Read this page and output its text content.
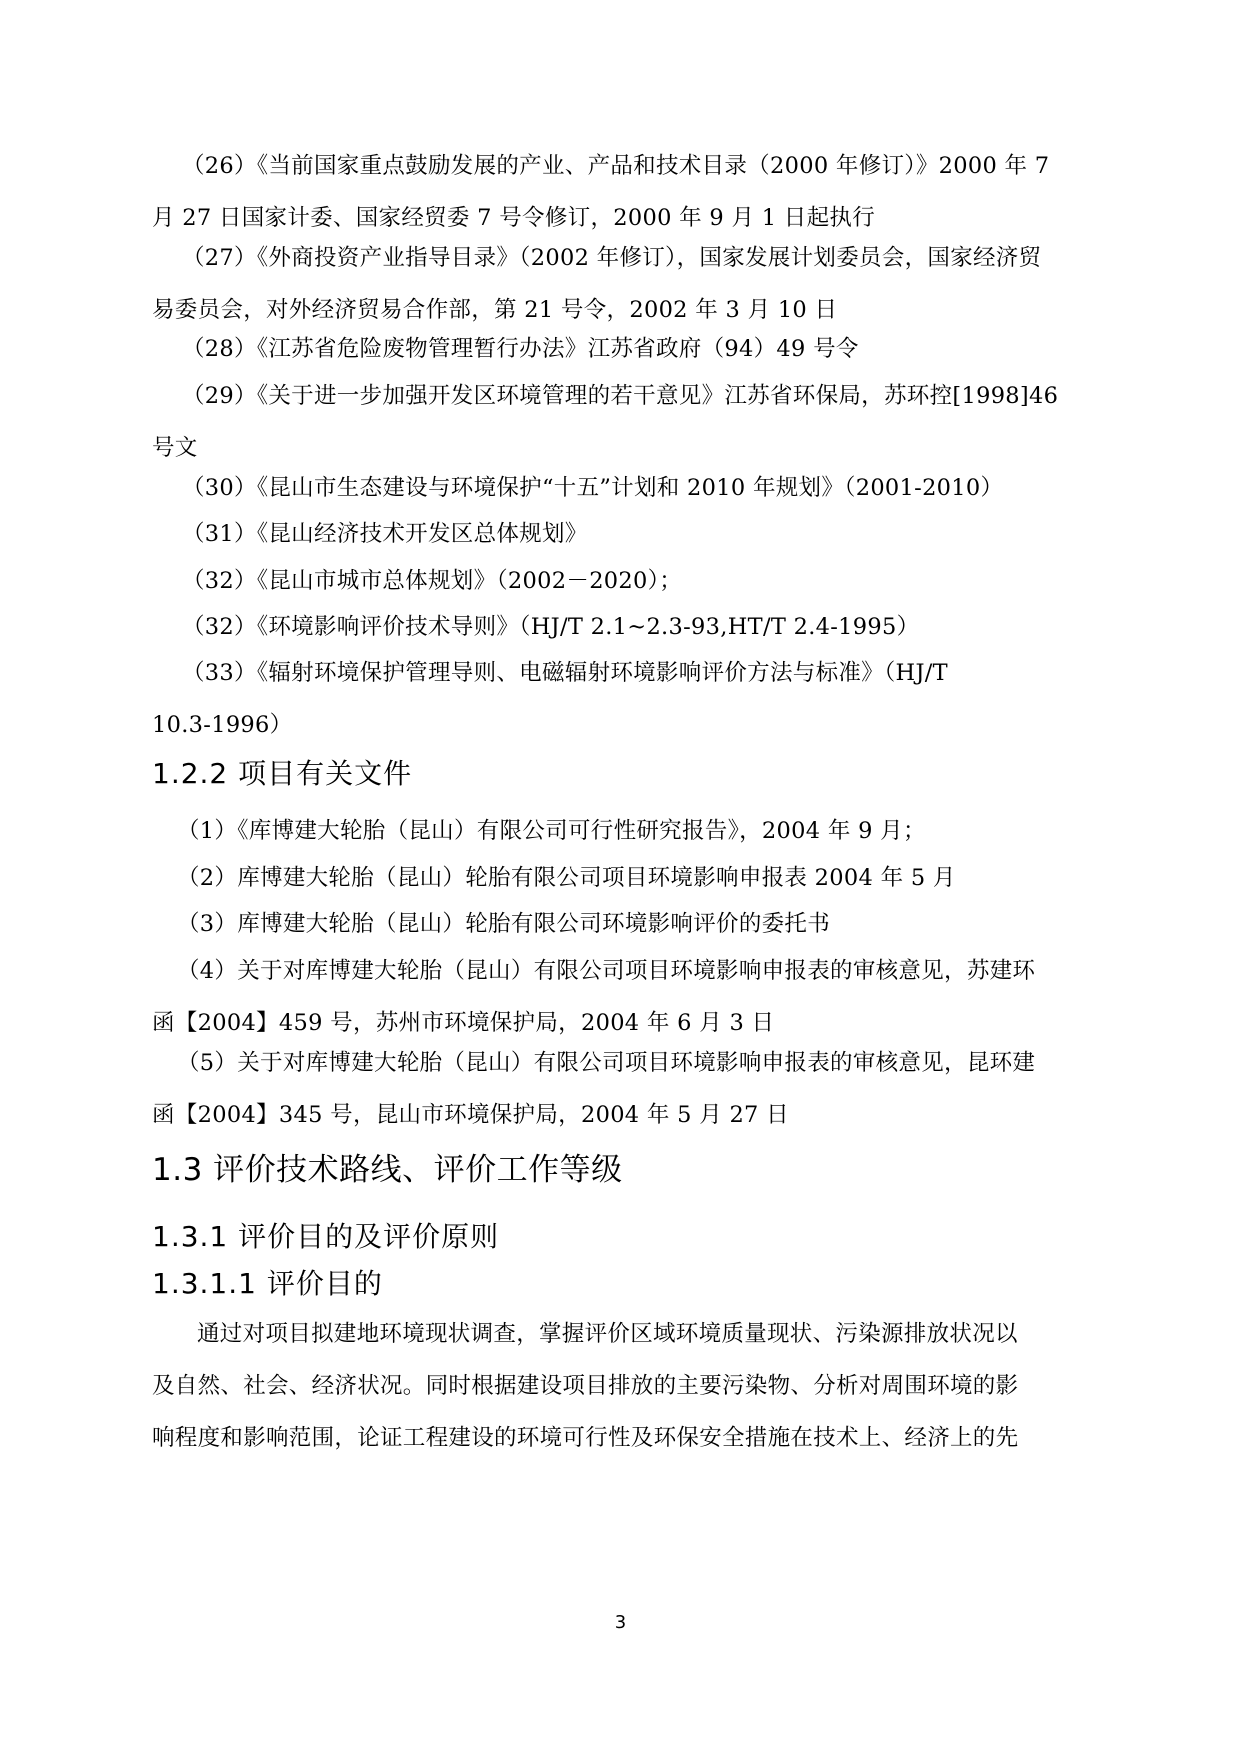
（26）《当前国家重点鼓励发展的产业、产品和技术目录（2000 年修订）》2000 年 7
月 27 日国家计委、国家经贸委 7 号令修订，2000 年 9 月 1 日起执行
（27）《外商投资产业指导目录》（2002 年修订），国家发展计划委员会，国家经济贸
易委员会，对外经济贸易合作部，第 21 号令，2002 年 3 月 10 日
（28）《江苏省危险废物管理暂行办法》江苏省政府（94）49 号令
（29）《关于进一步加强开发区环境管理的若干意见》江苏省环保局，苏环控[1998]46
号文
（30）《昆山市生态建设与环境保护“十五”计划和 2010 年规划》（2001-2010）
（31）《昆山经济技术开发区总体规划》
（32）《昆山市城市总体规划》（2002－2020）；
（32）《环境影响评价技术导则》（HJ/T 2.1~2.3-93,HT/T 2.4-1995）
（33）《辐射环境保护管理导则、电磁辐射环境影响评价方法与标准》（HJ/T
10.3-1996）
1.2.2 项目有关文件
（1）《库博建大轮胎（昆山）有限公司可行性研究报告》，2004 年 9 月；
（2）库博建大轮胎（昆山）轮胎有限公司项目环境影响申报表 2004 年 5 月
（3）库博建大轮胎（昆山）轮胎有限公司环境影响评价的委托书
（4）关于对库博建大轮胎（昆山）有限公司项目环境影响申报表的审核意见，苏建环
函【2004】459 号，苏州市环境保护局，2004 年 6 月 3 日
（5）关于对库博建大轮胎（昆山）有限公司项目环境影响申报表的审核意见，昆环建
函【2004】345 号，昆山市环境保护局，2004 年 5 月 27 日
1.3 评价技术路线、评价工作等级
1.3.1 评价目的及评价原则
1.3.1.1 评价目的
通过对项目拟建地环境现状调查，掌握评价区域环境质量现状、污染源排放状况以
及自然、社会、经济状况。同时根据建设项目排放的主要污染物、分析对周围环境的影
响程度和影响范围，论证工程建设的环境可行性及环保安全措施在技术上、经济上的先
3
